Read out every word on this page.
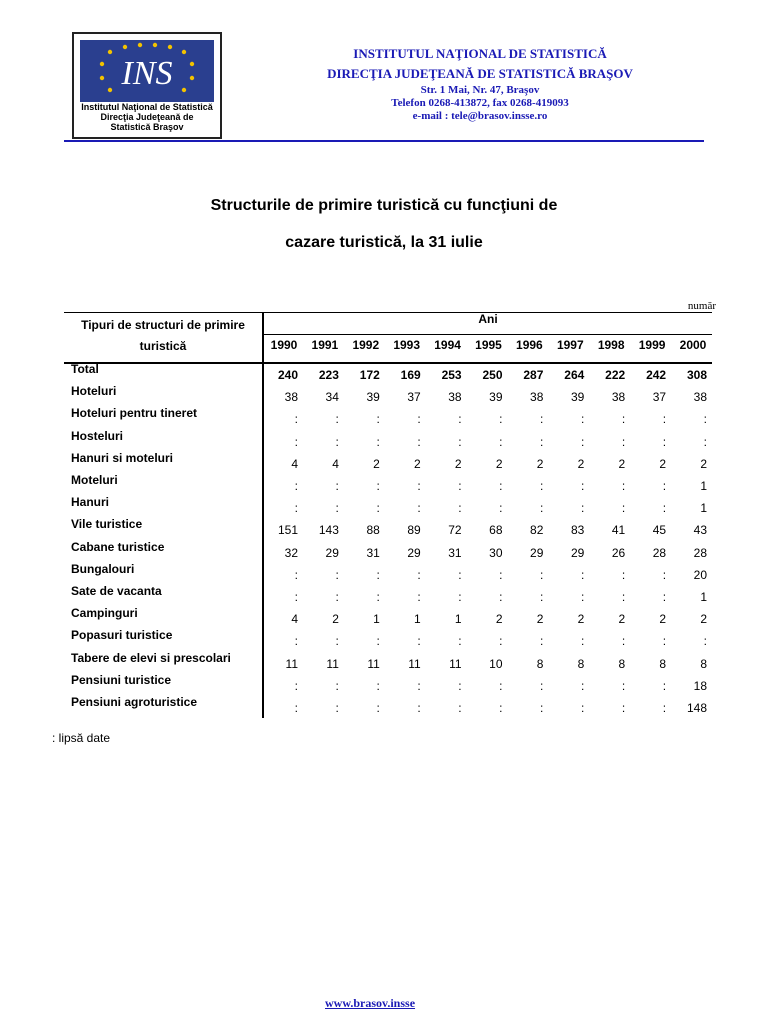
INS
Institutul Naţional de Statistică
Direcţia Judeţeană de
Statistică Braşov
INSTITUTUL NAŢIONAL DE STATISTICĂ
DIRECŢIA JUDEŢEANĂ DE STATISTICĂ BRAŞOV
Str. 1 Mai, Nr. 47, Braşov
Telefon 0268-413872, fax 0268-419093
e-mail : tele@brasov.insse.ro
Structurile de primire turistică cu funcţiuni de
cazare turistică, la 31 iulie
număr
Tipuri de structuri de primire
turistică
Ani
1990	1991	1992	1993	1994	1995	1996	1997	1998	1999	2000
Total	240	223	172	169	253	250	287	264	222	242	308
Hoteluri	38	34	39	37	38	39	38	39	38	37	38
Hoteluri pentru tineret	:	:	:	:	:	:	:	:	:	:	:
Hosteluri	:	:	:	:	:	:	:	:	:	:	:
Hanuri si moteluri	4	4	2	2	2	2	2	2	2	2	2
Moteluri	:	:	:	:	:	:	:	:	:	:	1
Hanuri	:	:	:	:	:	:	:	:	:	:	1
Vile turistice	151	143	88	89	72	68	82	83	41	45	43
Cabane turistice	32	29	31	29	31	30	29	29	26	28	28
Bungalouri	:	:	:	:	:	:	:	:	:	:	20
Sate de vacanta	:	:	:	:	:	:	:	:	:	:	1
Campinguri	4	2	1	1	1	2	2	2	2	2	2
Popasuri turistice	:	:	:	:	:	:	:	:	:	:	:
Tabere de elevi si prescolari	11	11	11	11	11	10	8	8	8	8	8
Pensiuni turistice	:	:	:	:	:	:	:	:	:	:	18
Pensiuni agroturistice	:	:	:	:	:	:	:	:	:	:	148
: lipsă date
www.brasov.insse
